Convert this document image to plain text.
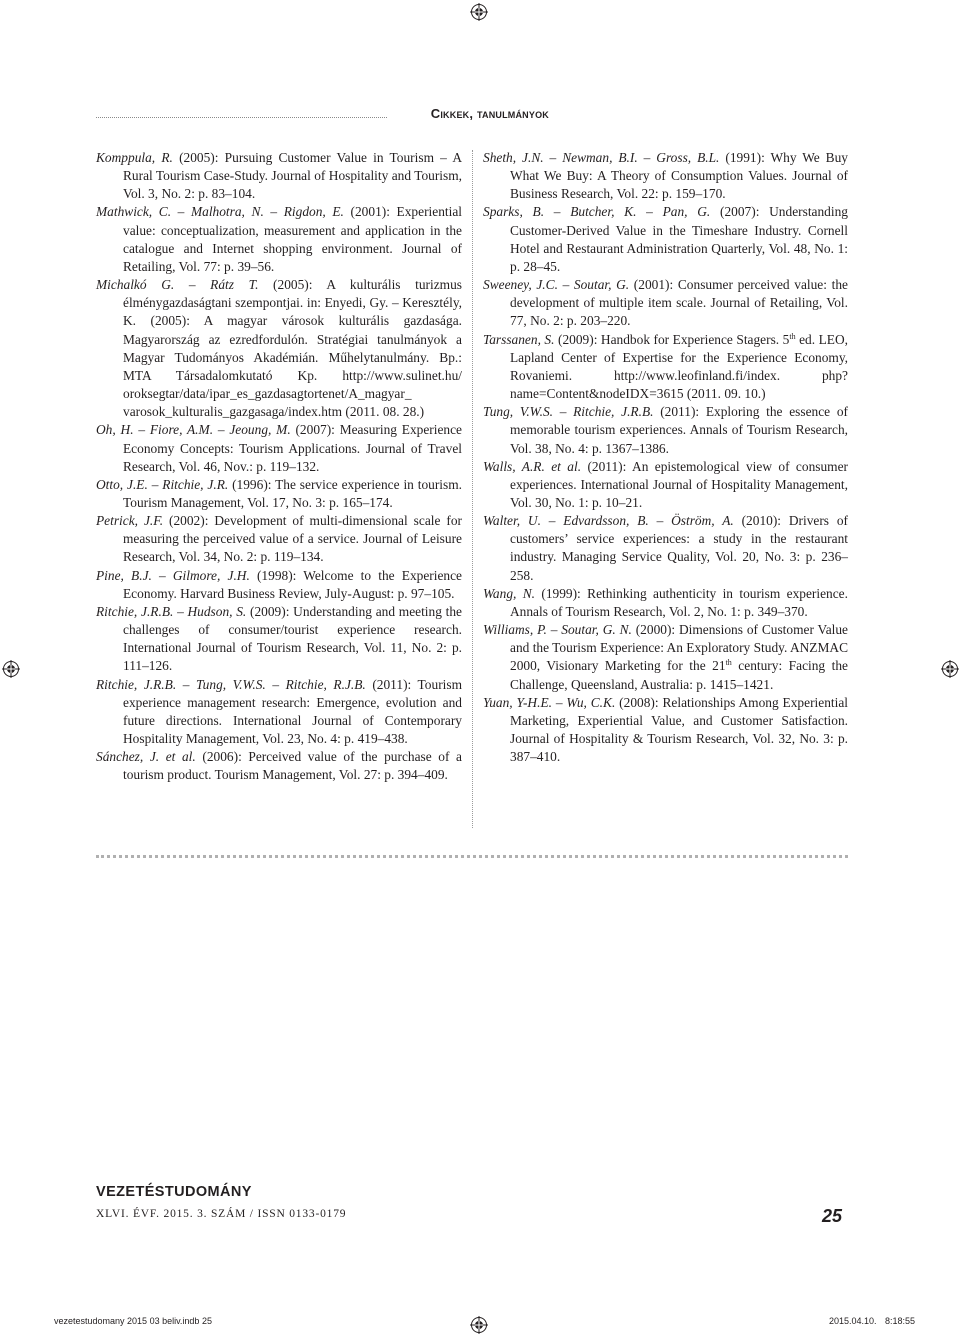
Cikkek, tanulmányok

Komppula, R. (2005): Pursuing Customer Value in Tourism – A Rural Tourism Case-Study. Journal of Hospitality and Tourism, Vol. 3, No. 2: p. 83–104.

Mathwick, C. – Malhotra, N. – Rigdon, E. (2001): Experiential value: conceptualization, measurement and application in the catalogue and Internet shopping environment. Journal of Retailing, Vol. 77: p. 39–56.

Michalkó G. – Rátz T. (2005): A kulturális turizmus élménygazdaságtani szempontjai. in: Enyedi, Gy. – Keresztély, K. (2005): A magyar városok kulturális gazdasága. Magyarország az ezredfordulón. Stratégiai tanulmányok a Magyar Tudományos Akadémián. Műhelytanulmány. Bp.: MTA Társadalomkutató Kp. http://www.sulinet.hu/ oroksegtar/data/ipar_es_gazdasagtortenet/A_magyar_ varosok_kulturalis_gazgasaga/index.htm (2011. 08. 28.)

Oh, H. – Fiore, A.M. – Jeoung, M. (2007): Measuring Experience Economy Concepts: Tourism Applications. Journal of Travel Research, Vol. 46, Nov.: p. 119–132.

Otto, J.E. – Ritchie, J.R. (1996): The service experience in tourism. Tourism Management, Vol. 17, No. 3: p. 165–174.

Petrick, J.F. (2002): Development of multi-dimensional scale for measuring the perceived value of a service. Journal of Leisure Research, Vol. 34, No. 2: p. 119–134.

Pine, B.J. – Gilmore, J.H. (1998): Welcome to the Experience Economy. Harvard Business Review, July-August: p. 97–105.

Ritchie, J.R.B. – Hudson, S. (2009): Understanding and meeting the challenges of consumer/tourist experience research. International Journal of Tourism Research, Vol. 11, No. 2: p. 111–126.

Ritchie, J.R.B. – Tung, V.W.S. – Ritchie, R.J.B. (2011): Tourism experience management research: Emergence, evolution and future directions. International Journal of Contemporary Hospitality Management, Vol. 23, No. 4: p. 419–438.

Sánchez, J. et al. (2006): Perceived value of the purchase of a tourism product. Tourism Management, Vol. 27: p. 394–409.

Sheth, J.N. – Newman, B.I. – Gross, B.L. (1991): Why We Buy What We Buy: A Theory of Consumption Values. Journal of Business Research, Vol. 22: p. 159–170.

Sparks, B. – Butcher, K. – Pan, G. (2007): Understanding Customer-Derived Value in the Timeshare Industry. Cornell Hotel and Restaurant Administration Quarterly, Vol. 48, No. 1: p. 28–45.

Sweeney, J.C. – Soutar, G. (2001): Consumer perceived value: the development of multiple item scale. Journal of Retailing, Vol. 77, No. 2: p. 203–220.

Tarssanen, S. (2009): Handbok for Experience Stagers. 5th ed. LEO, Lapland Center of Expertise for the Experience Economy, Rovaniemi. http://www.leofinland.fi/index. php?name=Content&nodeIDX=3615 (2011. 09. 10.)

Tung, V.W.S. – Ritchie, J.R.B. (2011): Exploring the essence of memorable tourism experiences. Annals of Tourism Research, Vol. 38, No. 4: p. 1367–1386.

Walls, A.R. et al. (2011): An epistemological view of consumer experiences. International Journal of Hospitality Management, Vol. 30, No. 1: p. 10–21.

Walter, U. – Edvardsson, B. – Öström, A. (2010): Drivers of customers’ service experiences: a study in the restaurant industry. Managing Service Quality, Vol. 20, No. 3: p. 236–258.

Wang, N. (1999): Rethinking authenticity in tourism experience. Annals of Tourism Research, Vol. 2, No. 1: p. 349–370.

Williams, P. – Soutar, G. N. (2000): Dimensions of Customer Value and the Tourism Experience: An Exploratory Study. ANZMAC 2000, Visionary Marketing for the 21th century: Facing the Challenge, Queensland, Australia: p. 1415–1421.

Yuan, Y-H.E. – Wu, C.K. (2008): Relationships Among Experiential Marketing, Experiential Value, and Customer Satisfaction. Journal of Hospitality & Tourism Research, Vol. 32, No. 3: p. 387–410.

VEZETÉSTUDOMÁNY
XLVI. ÉVF. 2015. 3. SZÁM / ISSN 0133-0179	25
vezetestudomany 2015 03 beliv.indb 25	2015.04.10. 8:18:55
